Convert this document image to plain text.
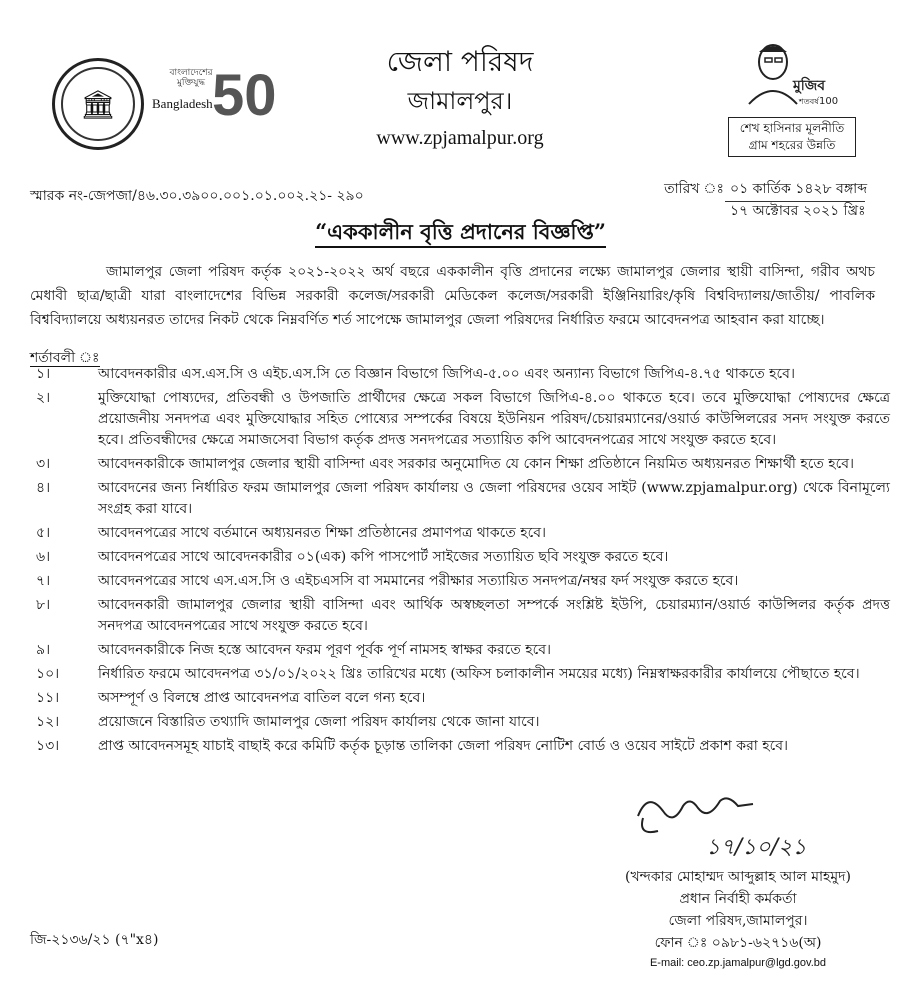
🏛
বাংলাদেশের মুক্তিযুদ্ধ
Bangladesh 50
জেলা পরিষদ
জামালপুর।
www.zpjamalpur.org
মুজিব
শতবর্ষ 100
শেখ হাসিনার মূলনীতি
গ্রাম শহরের উন্নতি
স্মারক নং-জেপজা/৪৬.৩০.৩৯০০.০০১.০১.০০২.২১- ২৯০	তারিখ ঃ ০১ কার্তিক ১৪২৮ বঙ্গাব্দ
১৭ অক্টোবর ২০২১ খ্রিঃ
“এককালীন বৃত্তি প্রদানের বিজ্ঞপ্তি”
জামালপুর জেলা পরিষদ কর্তৃক ২০২১-২০২২ অর্থ বছরে এককালীন বৃত্তি প্রদানের লক্ষ্যে জামালপুর জেলার স্থায়ী বাসিন্দা, গরীব অথচ মেধাবী ছাত্র/ছাত্রী যারা বাংলাদেশের বিভিন্ন সরকারী কলেজ/সরকারী মেডিকেল কলেজ/সরকারী ইঞ্জিনিয়ারিং/কৃষি বিশ্ববিদ্যালয়/জাতীয়/ পাবলিক বিশ্ববিদ্যালয়ে অধ্যয়নরত তাদের নিকট থেকে নিম্নবর্ণিত শর্ত সাপেক্ষে জামালপুর জেলা পরিষদের নির্ধারিত ফরমে আবেদনপত্র আহবান করা যাচ্ছে।
শর্তাবলী ঃ
১।	আবেদনকারীর এস.এস.সি ও এইচ.এস.সি তে বিজ্ঞান বিভাগে জিপিএ-৫.০০ এবং অন্যান্য বিভাগে জিপিএ-৪.৭৫ থাকতে হবে।
২।	মুক্তিযোদ্ধা পোষ্যদের, প্রতিবন্ধী ও উপজাতি প্রার্থীদের ক্ষেত্রে সকল বিভাগে জিপিএ-৪.০০ থাকতে হবে। তবে মুক্তিযোদ্ধা পোষ্যদের ক্ষেত্রে প্রয়োজনীয় সনদপত্র এবং মুক্তিযোদ্ধার সহিত পোষ্যের সম্পর্কের বিষয়ে ইউনিয়ন পরিষদ/চেয়ারম্যানের/ওয়ার্ড কাউন্সিলরের সনদ সংযুক্ত করতে হবে। প্রতিবন্ধীদের ক্ষেত্রে সমাজসেবা বিভাগ কর্তৃক প্রদত্ত সনদপত্রের সত্যায়িত কপি আবেদনপত্রের সাথে সংযুক্ত করতে হবে।
৩।	আবেদনকারীকে জামালপুর জেলার স্থায়ী বাসিন্দা এবং সরকার অনুমোদিত যে কোন শিক্ষা প্রতিষ্ঠানে নিয়মিত অধ্যয়নরত শিক্ষার্থী হতে হবে।
৪।	আবেদনের জন্য নির্ধারিত ফরম জামালপুর জেলা পরিষদ কার্যালয় ও জেলা পরিষদের ওয়েব সাইট (www.zpjamalpur.org) থেকে বিনামূল্যে সংগ্রহ করা যাবে।
৫।	আবেদনপত্রের সাথে বর্তমানে অধ্যয়নরত শিক্ষা প্রতিষ্ঠানের প্রমাণপত্র থাকতে হবে।
৬।	আবেদনপত্রের সাথে আবেদনকারীর ০১(এক) কপি পাসপোর্ট সাইজের সত্যায়িত ছবি সংযুক্ত করতে হবে।
৭।	আবেদনপত্রের সাথে এস.এস.সি ও এইচএসসি বা সমমানের পরীক্ষার সত্যায়িত সনদপত্র/নম্বর ফর্দ সংযুক্ত করতে হবে।
৮।	আবেদনকারী জামালপুর জেলার স্থায়ী বাসিন্দা এবং আর্থিক অস্বচ্ছলতা সম্পর্কে সংশ্লিষ্ট ইউপি, চেয়ারম্যান/ওয়ার্ড কাউন্সিলর কর্তৃক প্রদত্ত সনদপত্র আবেদনপত্রের সাথে সংযুক্ত করতে হবে।
৯।	আবেদনকারীকে নিজ হস্তে আবেদন ফরম পূরণ পূর্বক পূর্ণ নামসহ স্বাক্ষর করতে হবে।
১০।	নির্ধারিত ফরমে আবেদনপত্র ৩১/০১/২০২২ খ্রিঃ তারিখের মধ্যে (অফিস চলাকালীন সময়ের মধ্যে) নিম্নস্বাক্ষরকারীর কার্যালয়ে পৌছাতে হবে।
১১।	অসম্পূর্ণ ও বিলম্বে প্রাপ্ত আবেদনপত্র বাতিল বলে গন্য হবে।
১২।	প্রয়োজনে বিস্তারিত তথ্যাদি জামালপুর জেলা পরিষদ কার্যালয় থেকে জানা যাবে।
১৩।	প্রাপ্ত আবেদনসমূহ যাচাই বাছাই করে কমিটি কর্তৃক চূড়ান্ত তালিকা জেলা পরিষদ নোটিশ বোর্ড ও ওয়েব সাইটে প্রকাশ করা হবে।
১৭/১০/২১
(খন্দকার মোহাম্মদ আব্দুল্লাহ আল মাহমুদ)
প্রধান নির্বাহী কর্মকর্তা
জেলা পরিষদ,জামালপুর।
ফোন ঃ ০৯৮১-৬২৭১৬(অ)
E-mail: ceo.zp.jamalpur@lgd.gov.bd
জি-২১৩৬/২১ (৭"x৪)
